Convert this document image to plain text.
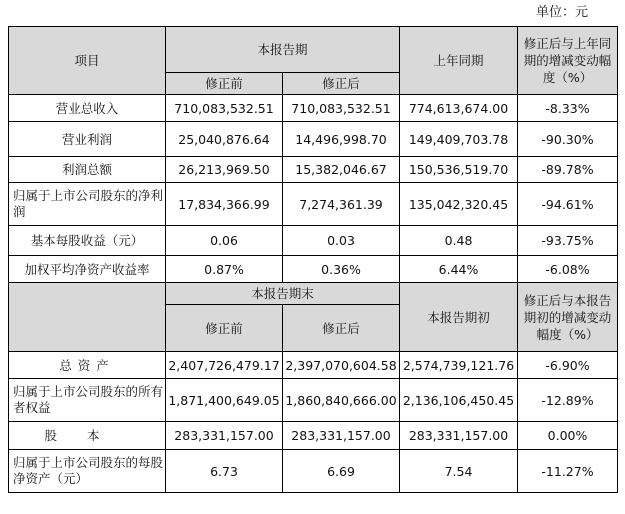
单位：元
项目	本报告期		上年同期	修正后与上年同期的增减变动幅度（%）
	修正前	修正后		
营业总收入	710,083,532.51	710,083,532.51	774,613,674.00	-8.33%
营业利润	25,040,876.64	14,496,998.70	149,409,703.78	-90.30%
利润总额	26,213,969.50	15,382,046.67	150,536,519.70	-89.78%
归属于上市公司股东的净利润	17,834,366.99	7,274,361.39	135,042,320.45	-94.61%
基本每股收益（元）	0.06	0.03	0.48	-93.75%
加权平均净资产收益率	0.87%	0.36%	6.44%	-6.08%
	本报告期末		本报告期初	修正后与本报告期初的增减变动幅度（%）
	修正前	修正后		
总资产	2,407,726,479.17	2,397,070,604.58	2,574,739,121.76	-6.90%
归属于上市公司股东的所有者权益	1,871,400,649.05	1,860,840,666.00	2,136,106,450.45	-12.89%
股本	283,331,157.00	283,331,157.00	283,331,157.00	0.00%
归属于上市公司股东的每股净资产（元）	6.73	6.69	7.54	-11.27%
